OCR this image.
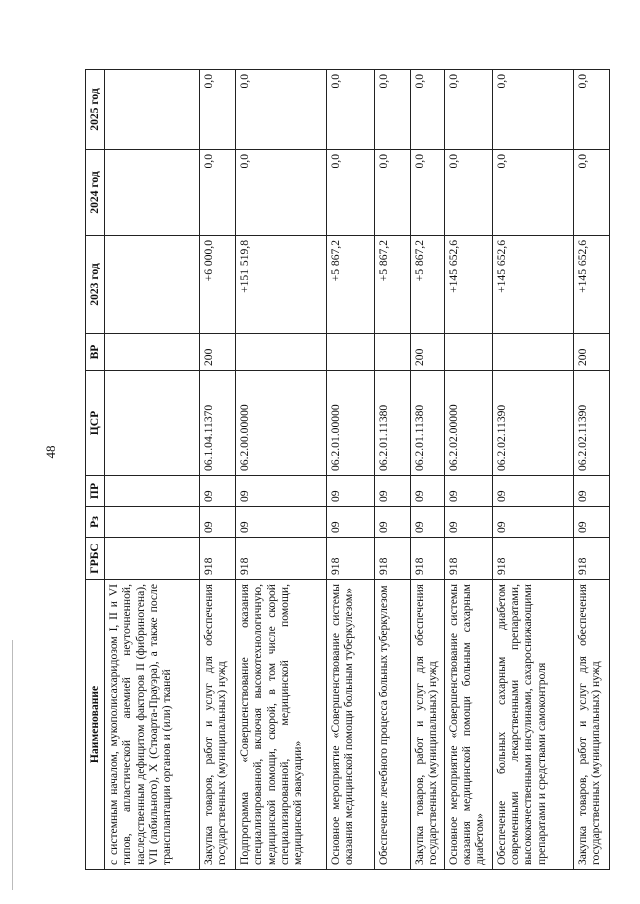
48
Наименование	ГРБС	Рз	ПР	ЦСР	ВР	2023 год	2024 год	2025 год
с системным началом, мукополисахаридозом I, II и VI типов, апластической анемией неуточненной, наследственным дефицитом факторов II (фибриногена), VII (лабильного), X (Стюарта-Прауэра), а также после трансплантации органов и (или) тканей								
Закупка товаров, работ и услуг для обеспечения государственных (муниципальных) нужд	918	09	09	06.1.04.11370	200	+6 000,0	0,0	0,0
Подпрограмма «Совершенствование оказания специализированной, включая высокотехнологичную, медицинской помощи, скорой, в том числе скорой специализированной, медицинской помощи, медицинской эвакуации»	918	09	09	06.2.00.00000		+151 519,8	0,0	0,0
Основное мероприятие «Совершенствование системы оказания медицинской помощи больным туберкулезом»	918	09	09	06.2.01.00000		+5 867,2	0,0	0,0
Обеспечение лечебного процесса больных туберкулезом	918	09	09	06.2.01.11380		+5 867,2	0,0	0,0
Закупка товаров, работ и услуг для обеспечения государственных (муниципальных) нужд	918	09	09	06.2.01.11380	200	+5 867,2	0,0	0,0
Основное мероприятие «Совершенствование системы оказания медицинской помощи больным сахарным диабетом»	918	09	09	06.2.02.00000		+145 652,6	0,0	0,0
Обеспечение больных сахарным диабетом современными лекарственными препаратами, высококачественными инсулинами, сахароснижающими препаратами и средствами самоконтроля	918	09	09	06.2.02.11390		+145 652,6	0,0	0,0
Закупка товаров, работ и услуг для обеспечения государственных (муниципальных) нужд	918	09	09	06.2.02.11390	200	+145 652,6	0,0	0,0
